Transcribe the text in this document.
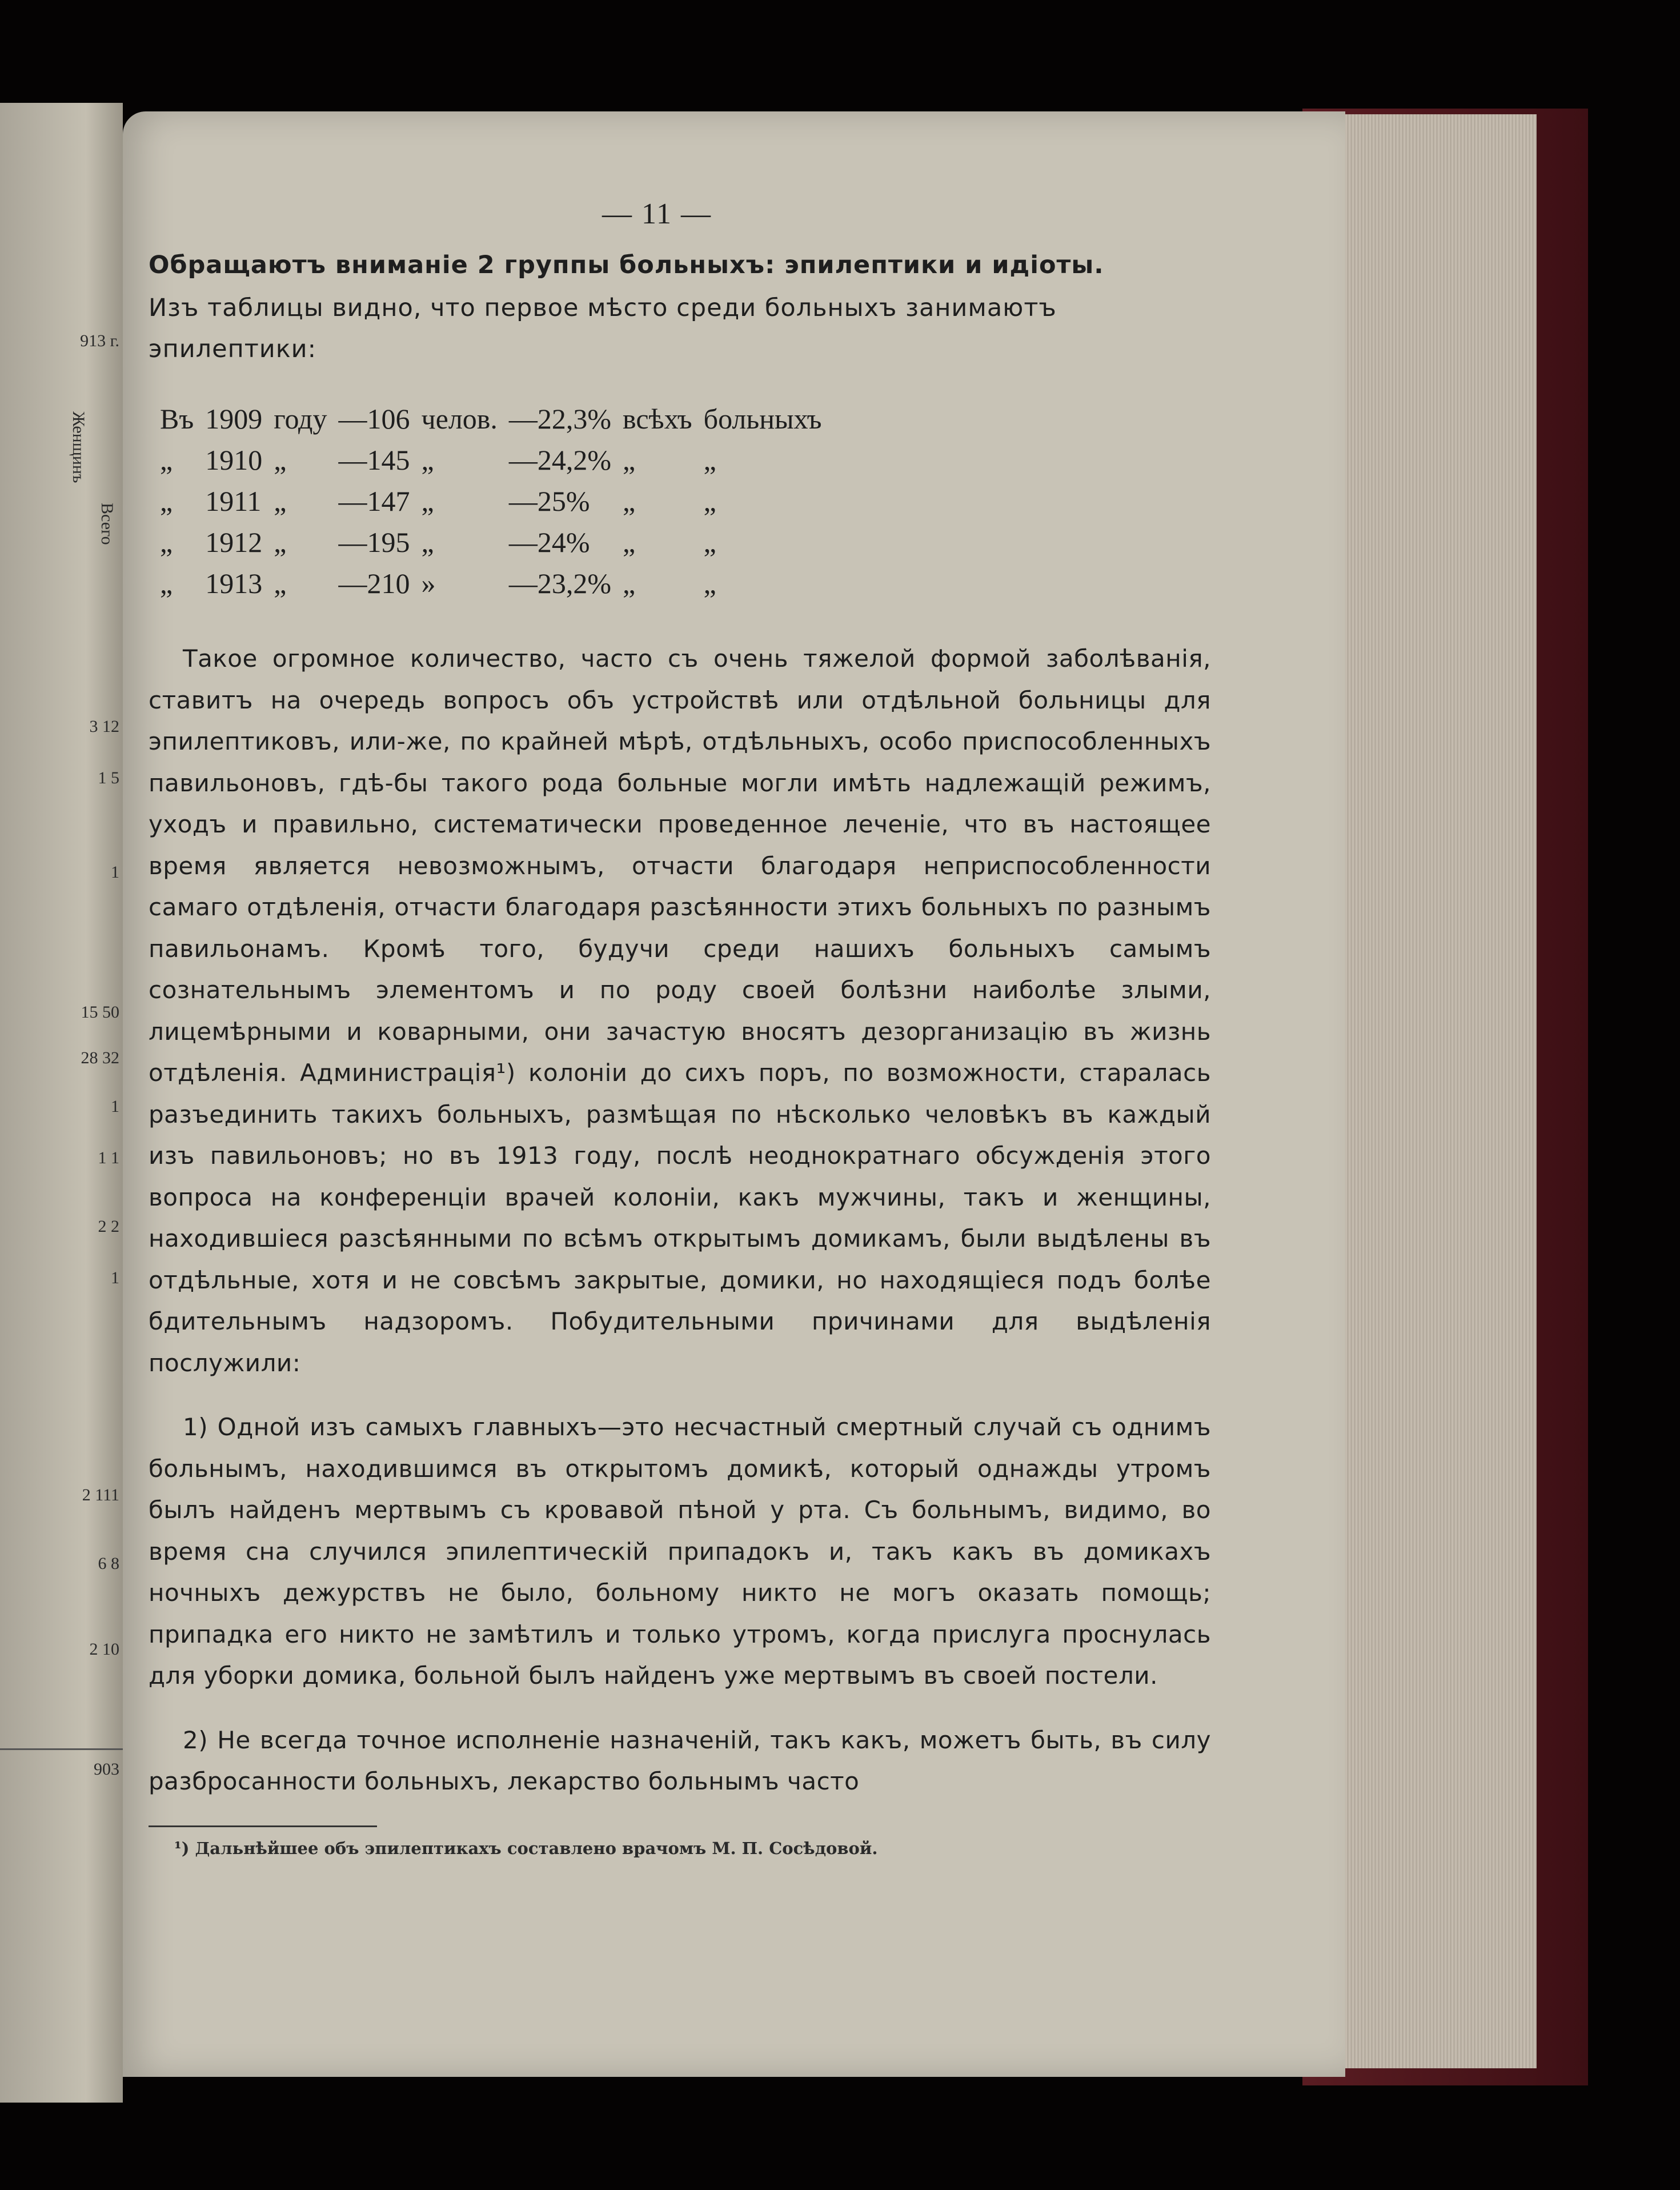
913 г.
Женщинъ
Всего
3 12
1 5
1
15 50
28 32
1
1 1
2 2
1
2 111
6 8
2 10
903
— 11 —

Обращаютъ вниманіе 2 группы больныхъ: эпилептики и идіоты.

Изъ таблицы видно, что первое мѣсто среди больныхъ занимаютъ

эпилептики:

Въ	1909	году	—106	челов.	—22,3%	всѣхъ	больныхъ
„	1910	„	—145	„	—24,2%	„	„
„	1911	„	—147	„	—25%	„	„
„	1912	„	—195	„	—24%	„	„
„	1913	„	—210	»	—23,2%	„	„

Такое огромное количество, часто съ очень тяжелой формой заболѣванія, ставитъ на очередь вопросъ объ устройствѣ или отдѣльной больницы для эпилептиковъ, или-же, по крайней мѣрѣ, отдѣльныхъ, особо приспособленныхъ павильоновъ, гдѣ-бы такого рода больные могли имѣть надлежащій режимъ, уходъ и правильно, систематически проведенное леченіе, что въ настоящее время является невозможнымъ, отчасти благодаря неприспособленности самаго отдѣленія, отчасти благодаря разсѣянности этихъ больныхъ по разнымъ павильонамъ. Кромѣ того, будучи среди нашихъ больныхъ самымъ сознательнымъ элементомъ и по роду своей болѣзни наиболѣе злыми, лицемѣрными и коварными, они зачастую вносятъ дезорганизацію въ жизнь отдѣленія. Администрація¹) колоніи до сихъ поръ, по возможности, старалась разъединить такихъ больныхъ, размѣщая по нѣсколько человѣкъ въ каждый изъ павильоновъ; но въ 1913 году, послѣ неоднократнаго обсужденія этого вопроса на конференціи врачей колоніи, какъ мужчины, такъ и женщины, находившіеся разсѣянными по всѣмъ открытымъ домикамъ, были выдѣлены въ отдѣльные, хотя и не совсѣмъ закрытые, домики, но находящіеся подъ болѣе бдительнымъ надзоромъ. Побудительными причинами для выдѣленія послужили:

1) Одной изъ самыхъ главныхъ—это несчастный смертный случай съ однимъ больнымъ, находившимся въ открытомъ домикѣ, который однажды утромъ былъ найденъ мертвымъ съ кровавой пѣной у рта. Съ больнымъ, видимо, во время сна случился эпилептическій припадокъ и, такъ какъ въ домикахъ ночныхъ дежурствъ не было, больному никто не могъ оказать помощь; припадка его никто не замѣтилъ и только утромъ, когда прислуга проснулась для уборки домика, больной былъ найденъ уже мертвымъ въ своей постели.

2) Не всегда точное исполненіе назначеній, такъ какъ, можетъ быть, въ силу разбросанности больныхъ, лекарство больнымъ часто

¹) Дальнѣйшее объ эпилептикахъ составлено врачомъ М. П. Сосѣдовой.
